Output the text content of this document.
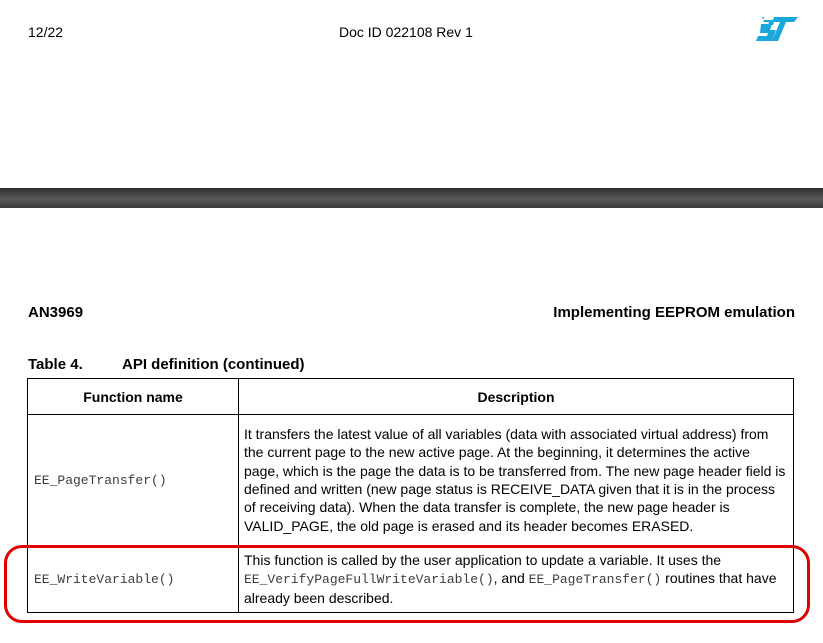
12/22	Doc ID 022108 Rev 1
AN3969	Implementing EEPROM emulation
Table 4.	API definition (continued)
Function name	Description
EE_PageTransfer()	It transfers the latest value of all variables (data with associated virtual address) from the current page to the new active page. At the beginning, it determines the active page, which is the page the data is to be transferred from. The new page header field is defined and written (new page status is RECEIVE_DATA given that it is in the process of receiving data). When the data transfer is complete, the new page header is VALID_PAGE, the old page is erased and its header becomes ERASED.
EE_WriteVariable()	This function is called by the user application to update a variable. It uses the EE_VerifyPageFullWriteVariable(), and EE_PageTransfer() routines that have already been described.
